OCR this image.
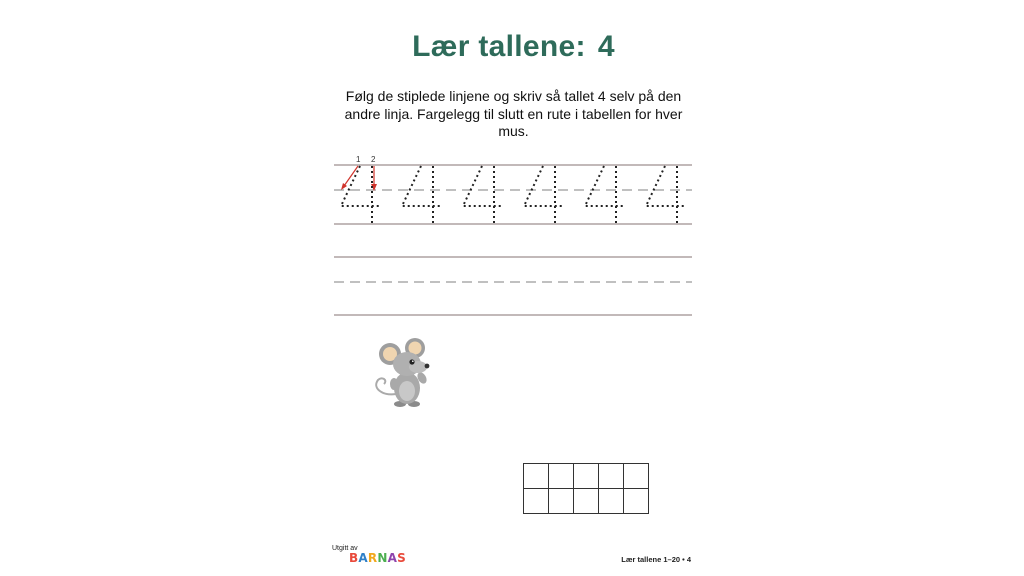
Lær tallene: 4
Følg de stiplede linjene og skriv så tallet 4 selv på den andre linja. Fargelegg til slutt en rute i tabellen for hver mus.
1 2

Utgitt av
BARNAS	Lær tallene 1–20 • 4
